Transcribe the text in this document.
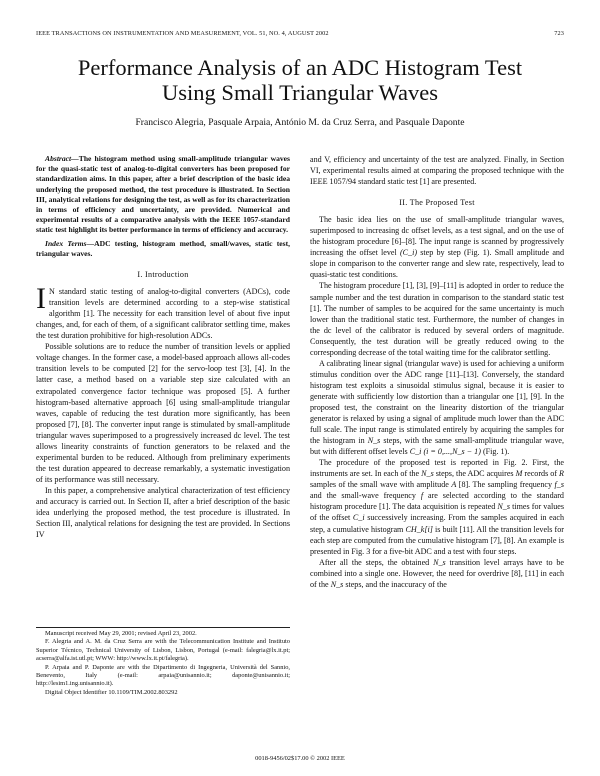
IEEE TRANSACTIONS ON INSTRUMENTATION AND MEASUREMENT, VOL. 51, NO. 4, AUGUST 2002	723
Performance Analysis of an ADC Histogram Test
Using Small Triangular Waves
Francisco Alegria, Pasquale Arpaia, António M. da Cruz Serra, and Pasquale Daponte

Abstract—The histogram method using small-amplitude triangular waves for the quasi-static test of analog-to-digital converters has been proposed for standardization aims. In this paper, after a brief description of the basic idea underlying the proposed method, the test procedure is illustrated. In Section III, analytical relations for designing the test, as well as for its characterization in terms of efficiency and uncertainty, are provided. Numerical and experimental results of a comparative analysis with the IEEE 1057-standard static test highlight its better performance in terms of efficiency and accuracy.

Index Terms—ADC testing, histogram method, small/waves, static test, triangular waves.

I. Introduction

I N standard static testing of analog-to-digital converters (ADCs), code transition levels are determined according to a step-wise statistical algorithm [1]. The necessity for each transition level of about five input changes, and, for each of them, of a significant calibrator settling time, makes the test duration prohibitive for high-resolution ADCs.

Possible solutions are to reduce the number of transition levels or applied voltage changes. In the former case, a model-based approach allows all-codes transition levels to be computed [2] for the servo-loop test [3], [4]. In the latter case, a method based on a variable step size calculated with an extrapolated convergence factor technique was proposed [5]. A further histogram-based alternative approach [6] using small-amplitude triangular waves, capable of reducing the test duration more significantly, has been proposed [7], [8]. The converter input range is stimulated by small-amplitude triangular waves superimposed to a progressively increased dc level. The test allows linearity constraints of function generators to be relaxed and the experimental burden to be reduced. Although from preliminary experiments the test duration appeared to decrease remarkably, a systematic investigation of its performance was still necessary.

In this paper, a comprehensive analytical characterization of test efficiency and accuracy is carried out. In Section II, after a brief description of the basic idea underlying the proposed method, the test procedure is illustrated. In Section III, analytical relations for designing the test are provided. In Sections IV

Manuscript received May 29, 2001; revised April 23, 2002.

F. Alegria and A. M. da Cruz Serra are with the Telecommunication Institute and Instituto Superior Técnico, Technical University of Lisbon, Lisbon, Portugal (e-mail: falegria@lx.it.pt; acserra@alfa.ist.utl.pt; WWW: http://www.lx.it.pt/falegria).

P. Arpaia and P. Daponte are with the Dipartimento di Ingegneria, Università del Sannio, Benevento, Italy (e-mail: arpaia@unisannio.it; daponte@unisannio.it; http://lesim1.ing.unisannio.it).

Digital Object Identifier 10.1109/TIM.2002.803292

and V, efficiency and uncertainty of the test are analyzed. Finally, in Section VI, experimental results aimed at comparing the proposed technique with the IEEE 1057/94 standard static test [1] are presented.

II. The Proposed Test

The basic idea lies on the use of small-amplitude triangular waves, superimposed to increasing dc offset levels, as a test signal, and on the use of the histogram procedure [6]–[8]. The input range is scanned by progressively increasing the offset level (C_i) step by step (Fig. 1). Small amplitude and slope in comparison to the converter range and slew rate, respectively, lead to quasi-static test conditions.

The histogram procedure [1], [3], [9]–[11] is adopted in order to reduce the sample number and the test duration in comparison to the standard static test [1]. The number of samples to be acquired for the same uncertainty is much lower than the traditional static test. Furthermore, the number of changes in the dc level of the calibrator is reduced by several orders of magnitude. Consequently, the test duration will be greatly reduced owing to the corresponding decrease of the total waiting time for the calibrator settling.

A calibrating linear signal (triangular wave) is used for achieving a uniform stimulus condition over the ADC range [11]–[13]. Conversely, the standard histogram test exploits a sinusoidal stimulus signal, because it is easier to generate with sufficiently low distortion than a triangular one [1], [9]. In the proposed test, the constraint on the linearity distortion of the triangular generator is relaxed by using a signal of amplitude much lower than the ADC full scale. The input range is stimulated entirely by acquiring the samples for the histogram in N_s steps, with the same small-amplitude triangular wave, but with different offset levels C_i (i = 0,...,N_s − 1) (Fig. 1).

The procedure of the proposed test is reported in Fig. 2. First, the instruments are set. In each of the N_s steps, the ADC acquires M records of R samples of the small wave with amplitude A [8]. The sampling frequency f_s and the small-wave frequency f are selected according to the standard histogram procedure [1]. The data acquisition is repeated N_s times for values of the offset C_i successively increasing. From the samples acquired in each step, a cumulative histogram CH_k[i] is built [11]. All the transition levels for each step are computed from the cumulative histogram [7], [8]. An example is presented in Fig. 3 for a five-bit ADC and a test with four steps.

After all the steps, the obtained N_s transition level arrays have to be combined into a single one. However, the need for overdrive [8], [11] in each of the N_s steps, and the inaccuracy of the

0018-9456/02$17.00 © 2002 IEEE
